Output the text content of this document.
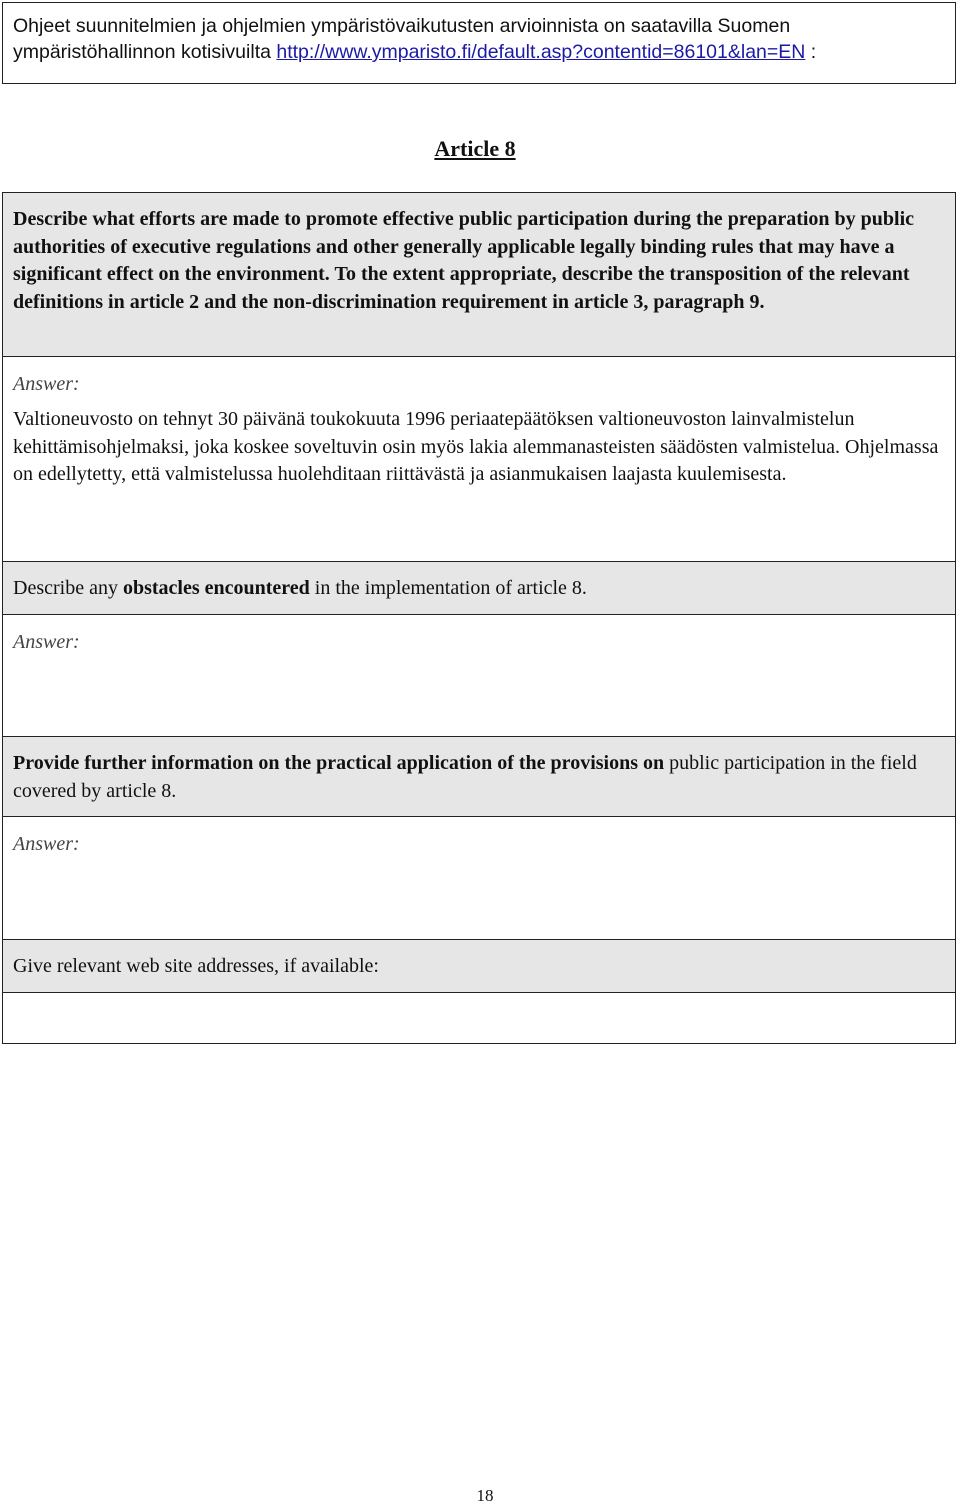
Ohjeet suunnitelmien ja ohjelmien ympäristövaikutusten arvioinnista on saatavilla Suomen ympäristöhallinnon kotisivuilta http://www.ymparisto.fi/default.asp?contentid=86101&lan=EN :
Article 8
Describe what efforts are made to promote effective public participation during the preparation by public authorities of executive regulations and other generally applicable legally binding rules that may have a significant effect on the environment. To the extent appropriate, describe the transposition of the relevant definitions in article 2 and the non-discrimination requirement in article 3, paragraph 9.
Answer:
Valtioneuvosto on tehnyt 30 päivänä toukokuuta 1996 periaatepäätöksen valtioneuvoston lainvalmistelun kehittämisohjelmaksi, joka koskee soveltuvin osin myös lakia alemmanasteisten säädösten valmistelua. Ohjelmassa on edellytetty, että valmistelussa huolehditaan riittävästä ja asianmukaisen laajasta kuulemisesta.
Describe any obstacles encountered in the implementation of article 8.
Answer:
Provide further information on the practical application of the provisions on public participation in the field covered by article 8.
Answer:
Give relevant web site addresses, if available:
18
